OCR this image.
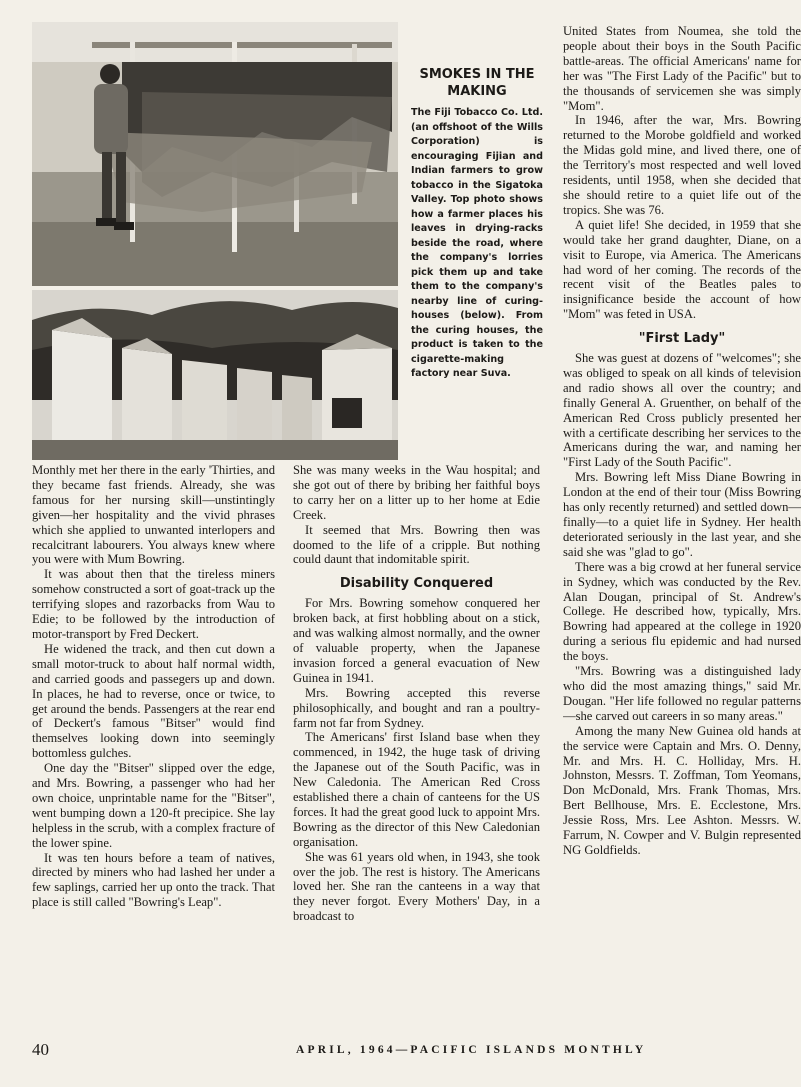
SMOKES IN THE MAKING

The Fiji Tobacco Co. Ltd. (an offshoot of the Wills Corporation) is encouraging Fijian and Indian farmers to grow tobacco in the Sigatoka Valley. Top photo shows how a farmer places his leaves in drying-racks beside the road, where the company's lorries pick them up and take them to the company's nearby line of curing-houses (below). From the curing houses, the product is taken to the cigarette-making factory near Suva.

Monthly met her there in the early 'Thirties, and they became fast friends. Already, she was famous for her nursing skill—unstintingly given—her hospitality and the vivid phrases which she applied to unwanted interlopers and recalcitrant labourers. You always knew where you were with Mum Bowring.

It was about then that the tireless miners somehow constructed a sort of goat-track up the terrifying slopes and razorbacks from Wau to Edie; to be followed by the introduction of motor-transport by Fred Deckert.

He widened the track, and then cut down a small motor-truck to about half normal width, and carried goods and passegers up and down. In places, he had to reverse, once or twice, to get around the bends. Passengers at the rear end of Deckert's famous "Bitser" would find themselves looking down into seemingly bottomless gulches.

One day the "Bitser" slipped over the edge, and Mrs. Bowring, a passenger who had her own choice, unprintable name for the "Bitser", went bumping down a 120-ft precipice. She lay helpless in the scrub, with a complex fracture of the lower spine.

It was ten hours before a team of natives, directed by miners who had lashed her under a few saplings, carried her up onto the track. That place is still called "Bowring's Leap".

She was many weeks in the Wau hospital; and she got out of there by bribing her faithful boys to carry her on a litter up to her home at Edie Creek.

It seemed that Mrs. Bowring then was doomed to the life of a cripple. But nothing could daunt that indomitable spirit.

Disability Conquered

For Mrs. Bowring somehow conquered her broken back, at first hobbling about on a stick, and was walking almost normally, and the owner of valuable property, when the Japanese invasion forced a general evacuation of New Guinea in 1941.

Mrs. Bowring accepted this reverse philosophically, and bought and ran a poultry-farm not far from Sydney.

The Americans' first Island base when they commenced, in 1942, the huge task of driving the Japanese out of the South Pacific, was in New Caledonia. The American Red Cross established there a chain of canteens for the US forces. It had the great good luck to appoint Mrs. Bowring as the director of this New Caledonian organisation.

She was 61 years old when, in 1943, she took over the job. The rest is history. The Americans loved her. She ran the canteens in a way that they never forgot. Every Mothers' Day, in a broadcast to

United States from Noumea, she told the people about their boys in the South Pacific battle-areas. The official Americans' name for her was "The First Lady of the Pacific" but to the thousands of servicemen she was simply "Mom".

In 1946, after the war, Mrs. Bowring returned to the Morobe goldfield and worked the Midas gold mine, and lived there, one of the Territory's most respected and well loved residents, until 1958, when she decided that she should retire to a quiet life out of the tropics. She was 76.

A quiet life! She decided, in 1959 that she would take her grand daughter, Diane, on a visit to Europe, via America. The Americans had word of her coming. The records of the recent visit of the Beatles pales to insignificance beside the account of how "Mom" was feted in USA.

"First Lady"

She was guest at dozens of "welcomes"; she was obliged to speak on all kinds of television and radio shows all over the country; and finally General A. Gruenther, on behalf of the American Red Cross publicly presented her with a certificate describing her services to the Americans during the war, and naming her "First Lady of the South Pacific".

Mrs. Bowring left Miss Diane Bowring in London at the end of their tour (Miss Bowring has only recently returned) and settled down—finally—to a quiet life in Sydney. Her health deteriorated seriously in the last year, and she said she was "glad to go".

There was a big crowd at her funeral service in Sydney, which was conducted by the Rev. Alan Dougan, principal of St. Andrew's College. He described how, typically, Mrs. Bowring had appeared at the college in 1920 during a serious flu epidemic and had nursed the boys.

"Mrs. Bowring was a distinguished lady who did the most amazing things," said Mr. Dougan. "Her life followed no regular patterns—she carved out careers in so many areas."

Among the many New Guinea old hands at the service were Captain and Mrs. O. Denny, Mr. and Mrs. H. C. Holliday, Mrs. H. Johnston, Messrs. T. Zoffman, Tom Yeomans, Don McDonald, Mrs. Frank Thomas, Mrs. Bert Bellhouse, Mrs. E. Ecclestone, Mrs. Jessie Ross, Mrs. Lee Ashton. Messrs. W. Farrum, N. Cowper and V. Bulgin represented NG Goldfields.

40	APRIL, 1964—PACIFIC ISLANDS MONTHLY
